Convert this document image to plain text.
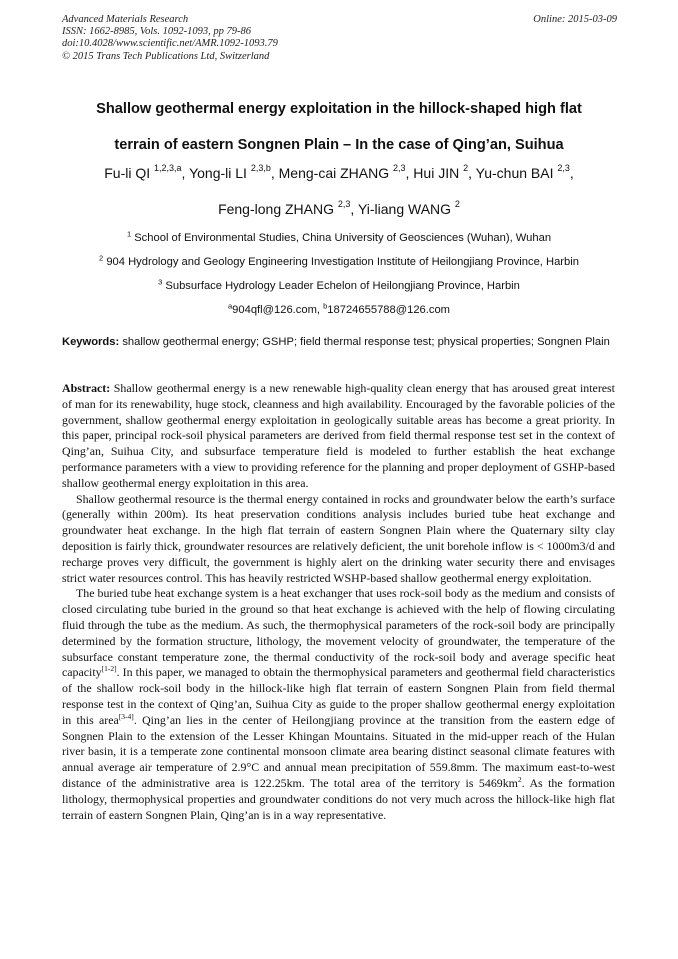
Advanced Materials Research
ISSN: 1662-8985, Vols. 1092-1093, pp 79-86
doi:10.4028/www.scientific.net/AMR.1092-1093.79
© 2015 Trans Tech Publications Ltd, Switzerland
Online: 2015-03-09
Shallow geothermal energy exploitation in the hillock-shaped high flat
terrain of eastern Songnen Plain – In the case of Qing’an, Suihua
Fu-li QI $^{1,2,3,a}$, Yong-li LI $^{2,3,b}$, Meng-cai ZHANG $^{2,3}$, Hui JIN $^2$, Yu-chun BAI $^{2,3}$,
Feng-long ZHANG $^{2,3}$, Yi-liang WANG $^2$
$^1$ School of Environmental Studies, China University of Geosciences (Wuhan), Wuhan
$^2$ 904 Hydrology and Geology Engineering Investigation Institute of Heilongjiang Province, Harbin
$^3$ Subsurface Hydrology Leader Echelon of Heilongjiang Province, Harbin
$^a$904qfl@126.com, $^b$18724655788@126.com
Keywords: shallow geothermal energy; GSHP; field thermal response test; physical properties; Songnen Plain

Abstract: Shallow geothermal energy is a new renewable high-quality clean energy that has aroused great interest of man for its renewability, huge stock, cleanness and high availability. Encouraged by the favorable policies of the government, shallow geothermal energy exploitation in geologically suitable areas has become a great priority. In this paper, principal rock-soil physical parameters are derived from field thermal response test set in the context of Qing’an, Suihua City, and subsurface temperature field is modeled to further establish the heat exchange performance parameters with a view to providing reference for the planning and proper deployment of GSHP-based shallow geothermal energy exploitation in this area.

Shallow geothermal resource is the thermal energy contained in rocks and groundwater below the earth’s surface (generally within 200m). Its heat preservation conditions analysis includes buried tube heat exchange and groundwater heat exchange. In the high flat terrain of eastern Songnen Plain where the Quaternary silty clay deposition is fairly thick, groundwater resources are relatively deficient, the unit borehole inflow is < 1000m3/d and recharge proves very difficult, the government is highly alert on the drinking water security there and envisages strict water resources control. This has heavily restricted WSHP-based shallow geothermal energy exploitation.

The buried tube heat exchange system is a heat exchanger that uses rock-soil body as the medium and consists of closed circulating tube buried in the ground so that heat exchange is achieved with the help of flowing circulating fluid through the tube as the medium. As such, the thermophysical parameters of the rock-soil body are principally determined by the formation structure, lithology, the movement velocity of groundwater, the temperature of the subsurface constant temperature zone, the thermal conductivity of the rock-soil body and average specific heat capacity[1-2]. In this paper, we managed to obtain the thermophysical parameters and geothermal field characteristics of the shallow rock-soil body in the hillock-like high flat terrain of eastern Songnen Plain from field thermal response test in the context of Qing’an, Suihua City as guide to the proper shallow geothermal energy exploitation in this area[3-4]. Qing’an lies in the center of Heilongjiang province at the transition from the eastern edge of Songnen Plain to the extension of the Lesser Khingan Mountains. Situated in the mid-upper reach of the Hulan river basin, it is a temperate zone continental monsoon climate area bearing distinct seasonal climate features with annual average air temperature of 2.9°C and annual mean precipitation of 559.8mm. The maximum east-to-west distance of the administrative area is 122.25km. The total area of the territory is $5469km^2$. As the formation lithology, thermophysical properties and groundwater conditions do not very much across the hillock-like high flat terrain of eastern Songnen Plain, Qing’an is in a way representative.
